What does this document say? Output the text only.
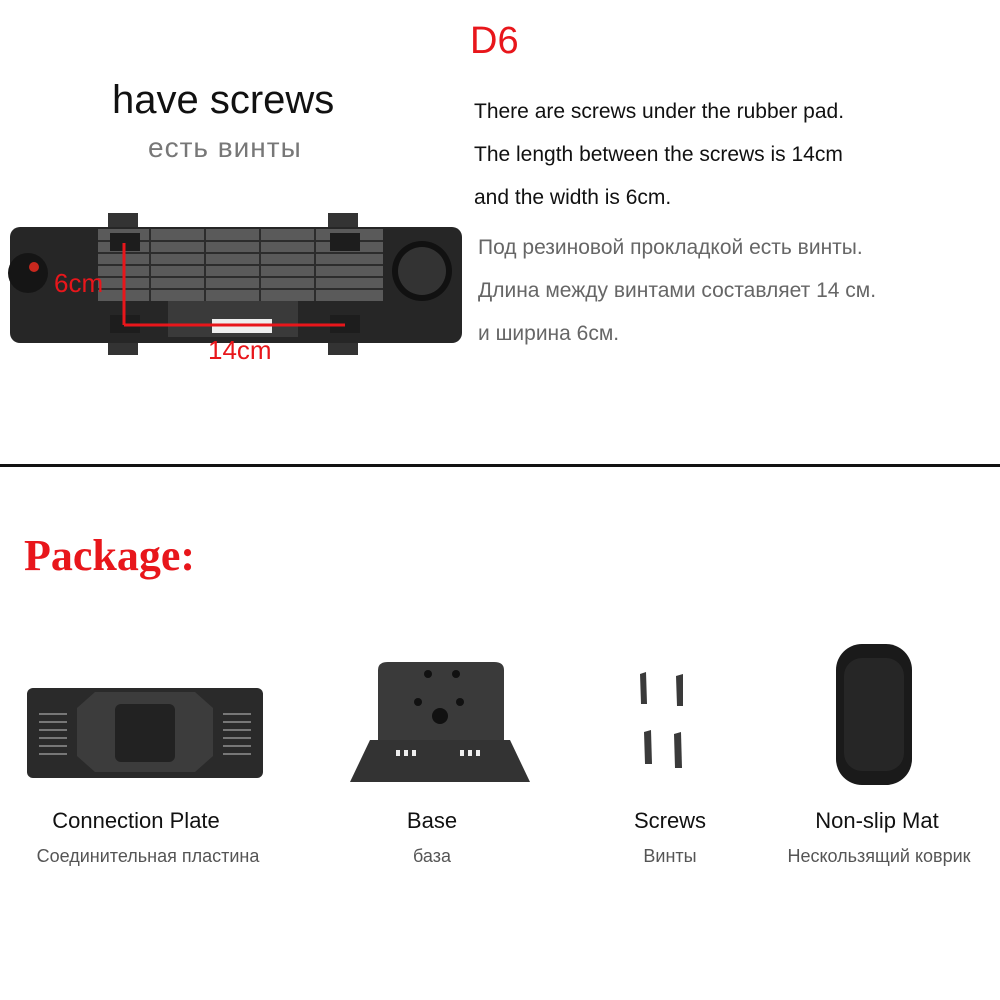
D6
have screws
есть винты
There are screws under the rubber pad.
The length between the screws is 14cm
and the width is 6cm.
Под резиновой прокладкой есть винты.
Длина между винтами составляет 14 см.
и ширина 6см.
6cm
14cm
Package:
Connection Plate
Соединительная пластина
Base
база
Screws
Винты
Non-slip Mat
Нескользящий коврик
